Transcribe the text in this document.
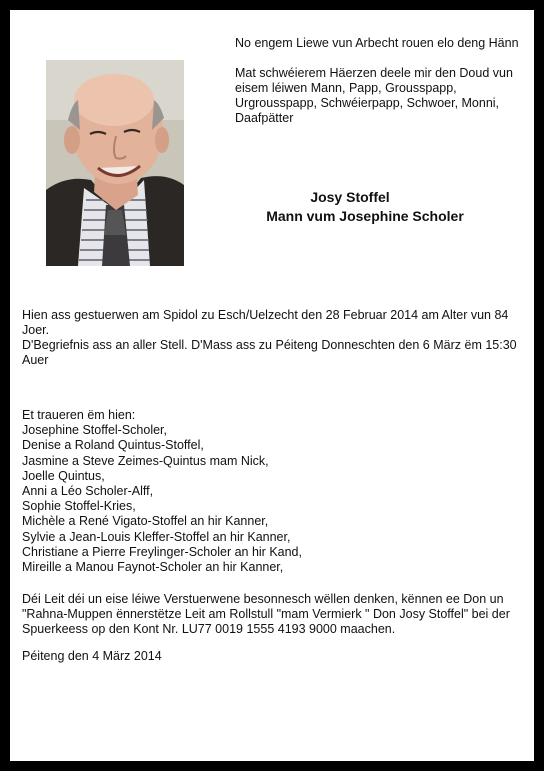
No engem Liewe vun Arbecht rouen elo deng Hänn

Mat schwéierem Häerzen deele mir den Doud vun eisem léiwen Mann, Papp, Grousspapp, Urgrousspapp, Schwéierpapp, Schwoer, Monni, Daafpätter

Josy Stoffel
Mann vum Josephine Scholer

Hien ass gestuerwen am Spidol zu Esch/Uelzecht den 28 Februar 2014 am Alter vun 84 Joer.

D'Begriefnis ass an aller Stell. D'Mass ass zu Péiteng Donneschten den 6 März ëm 15:30 Auer

Et traueren ëm hien:
Josephine Stoffel-Scholer,
Denise a Roland Quintus-Stoffel,
Jasmine a Steve Zeimes-Quintus mam Nick,
Joelle Quintus,
Anni a Léo Scholer-Alff,
Sophie Stoffel-Kries,
Michèle a René Vigato-Stoffel an hir Kanner,
Sylvie a Jean-Louis Kleffer-Stoffel an hir Kanner,
Christiane a Pierre Freylinger-Scholer an hir Kand,
Mireille a Manou Faynot-Scholer an hir Kanner,

Déi Leit déi un eise léiwe Verstuerwene besonnesch wëllen denken, kënnen ee Don un "Rahna-Muppen ënnerstëtze Leit am Rollstull "mam Vermierk " Don Josy Stoffel" bei der Spuerkeess op den Kont Nr. LU77 0019 1555 4193 9000 maachen.

Péiteng den 4 März 2014
